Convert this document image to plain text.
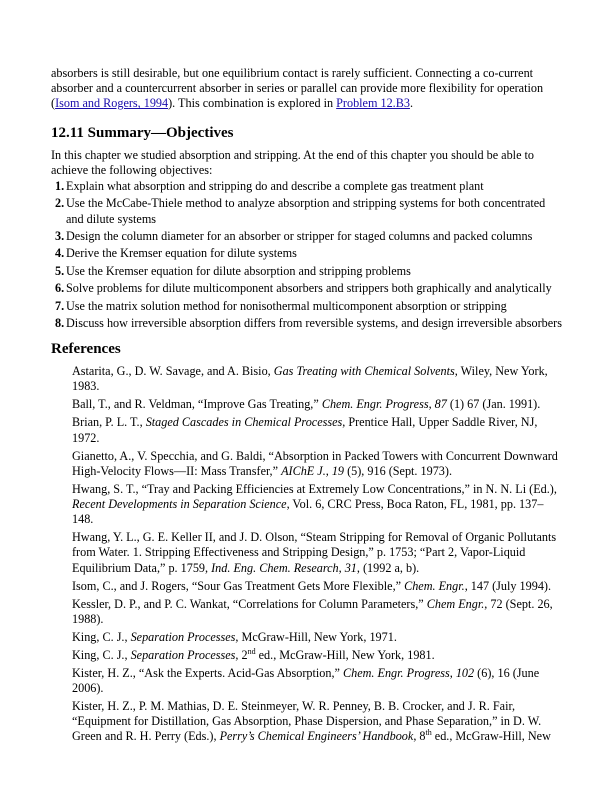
absorbers is still desirable, but one equilibrium contact is rarely sufficient. Connecting a co-current absorber and a countercurrent absorber in series or parallel can provide more flexibility for operation (Isom and Rogers, 1994). This combination is explored in Problem 12.B3.

12.11 Summary—Objectives

In this chapter we studied absorption and stripping. At the end of this chapter you should be able to achieve the following objectives:

1. Explain what absorption and stripping do and describe a complete gas treatment plant
2. Use the McCabe-Thiele method to analyze absorption and stripping systems for both concentrated and dilute systems
3. Design the column diameter for an absorber or stripper for staged columns and packed columns
4. Derive the Kremser equation for dilute systems
5. Use the Kremser equation for dilute absorption and stripping problems
6. Solve problems for dilute multicomponent absorbers and strippers both graphically and analytically
7. Use the matrix solution method for nonisothermal multicomponent absorption or stripping
8. Discuss how irreversible absorption differs from reversible systems, and design irreversible absorbers
References

Astarita, G., D. W. Savage, and A. Bisio, Gas Treating with Chemical Solvents, Wiley, New York, 1983.

Ball, T., and R. Veldman, “Improve Gas Treating,” Chem. Engr. Progress, 87 (1) 67 (Jan. 1991).

Brian, P. L. T., Staged Cascades in Chemical Processes, Prentice Hall, Upper Saddle River, NJ, 1972.

Gianetto, A., V. Specchia, and G. Baldi, “Absorption in Packed Towers with Concurrent Downward High-Velocity Flows—II: Mass Transfer,” AIChE J., 19 (5), 916 (Sept. 1973).

Hwang, S. T., “Tray and Packing Efficiencies at Extremely Low Concentrations,” in N. N. Li (Ed.), Recent Developments in Separation Science, Vol. 6, CRC Press, Boca Raton, FL, 1981, pp. 137–148.

Hwang, Y. L., G. E. Keller II, and J. D. Olson, “Steam Stripping for Removal of Organic Pollutants from Water. 1. Stripping Effectiveness and Stripping Design,” p. 1753; “Part 2, Vapor-Liquid Equilibrium Data,” p. 1759, Ind. Eng. Chem. Research, 31, (1992 a, b).

Isom, C., and J. Rogers, “Sour Gas Treatment Gets More Flexible,” Chem. Engr., 147 (July 1994).

Kessler, D. P., and P. C. Wankat, “Correlations for Column Parameters,” Chem Engr., 72 (Sept. 26, 1988).

King, C. J., Separation Processes, McGraw-Hill, New York, 1971.

King, C. J., Separation Processes, 2nd ed., McGraw-Hill, New York, 1981.

Kister, H. Z., “Ask the Experts. Acid-Gas Absorption,” Chem. Engr. Progress, 102 (6), 16 (June 2006).

Kister, H. Z., P. M. Mathias, D. E. Steinmeyer, W. R. Penney, B. B. Crocker, and J. R. Fair, “Equipment for Distillation, Gas Absorption, Phase Dispersion, and Phase Separation,” in D. W. Green and R. H. Perry (Eds.), Perry’s Chemical Engineers’ Handbook, 8th ed., McGraw-Hill, New
